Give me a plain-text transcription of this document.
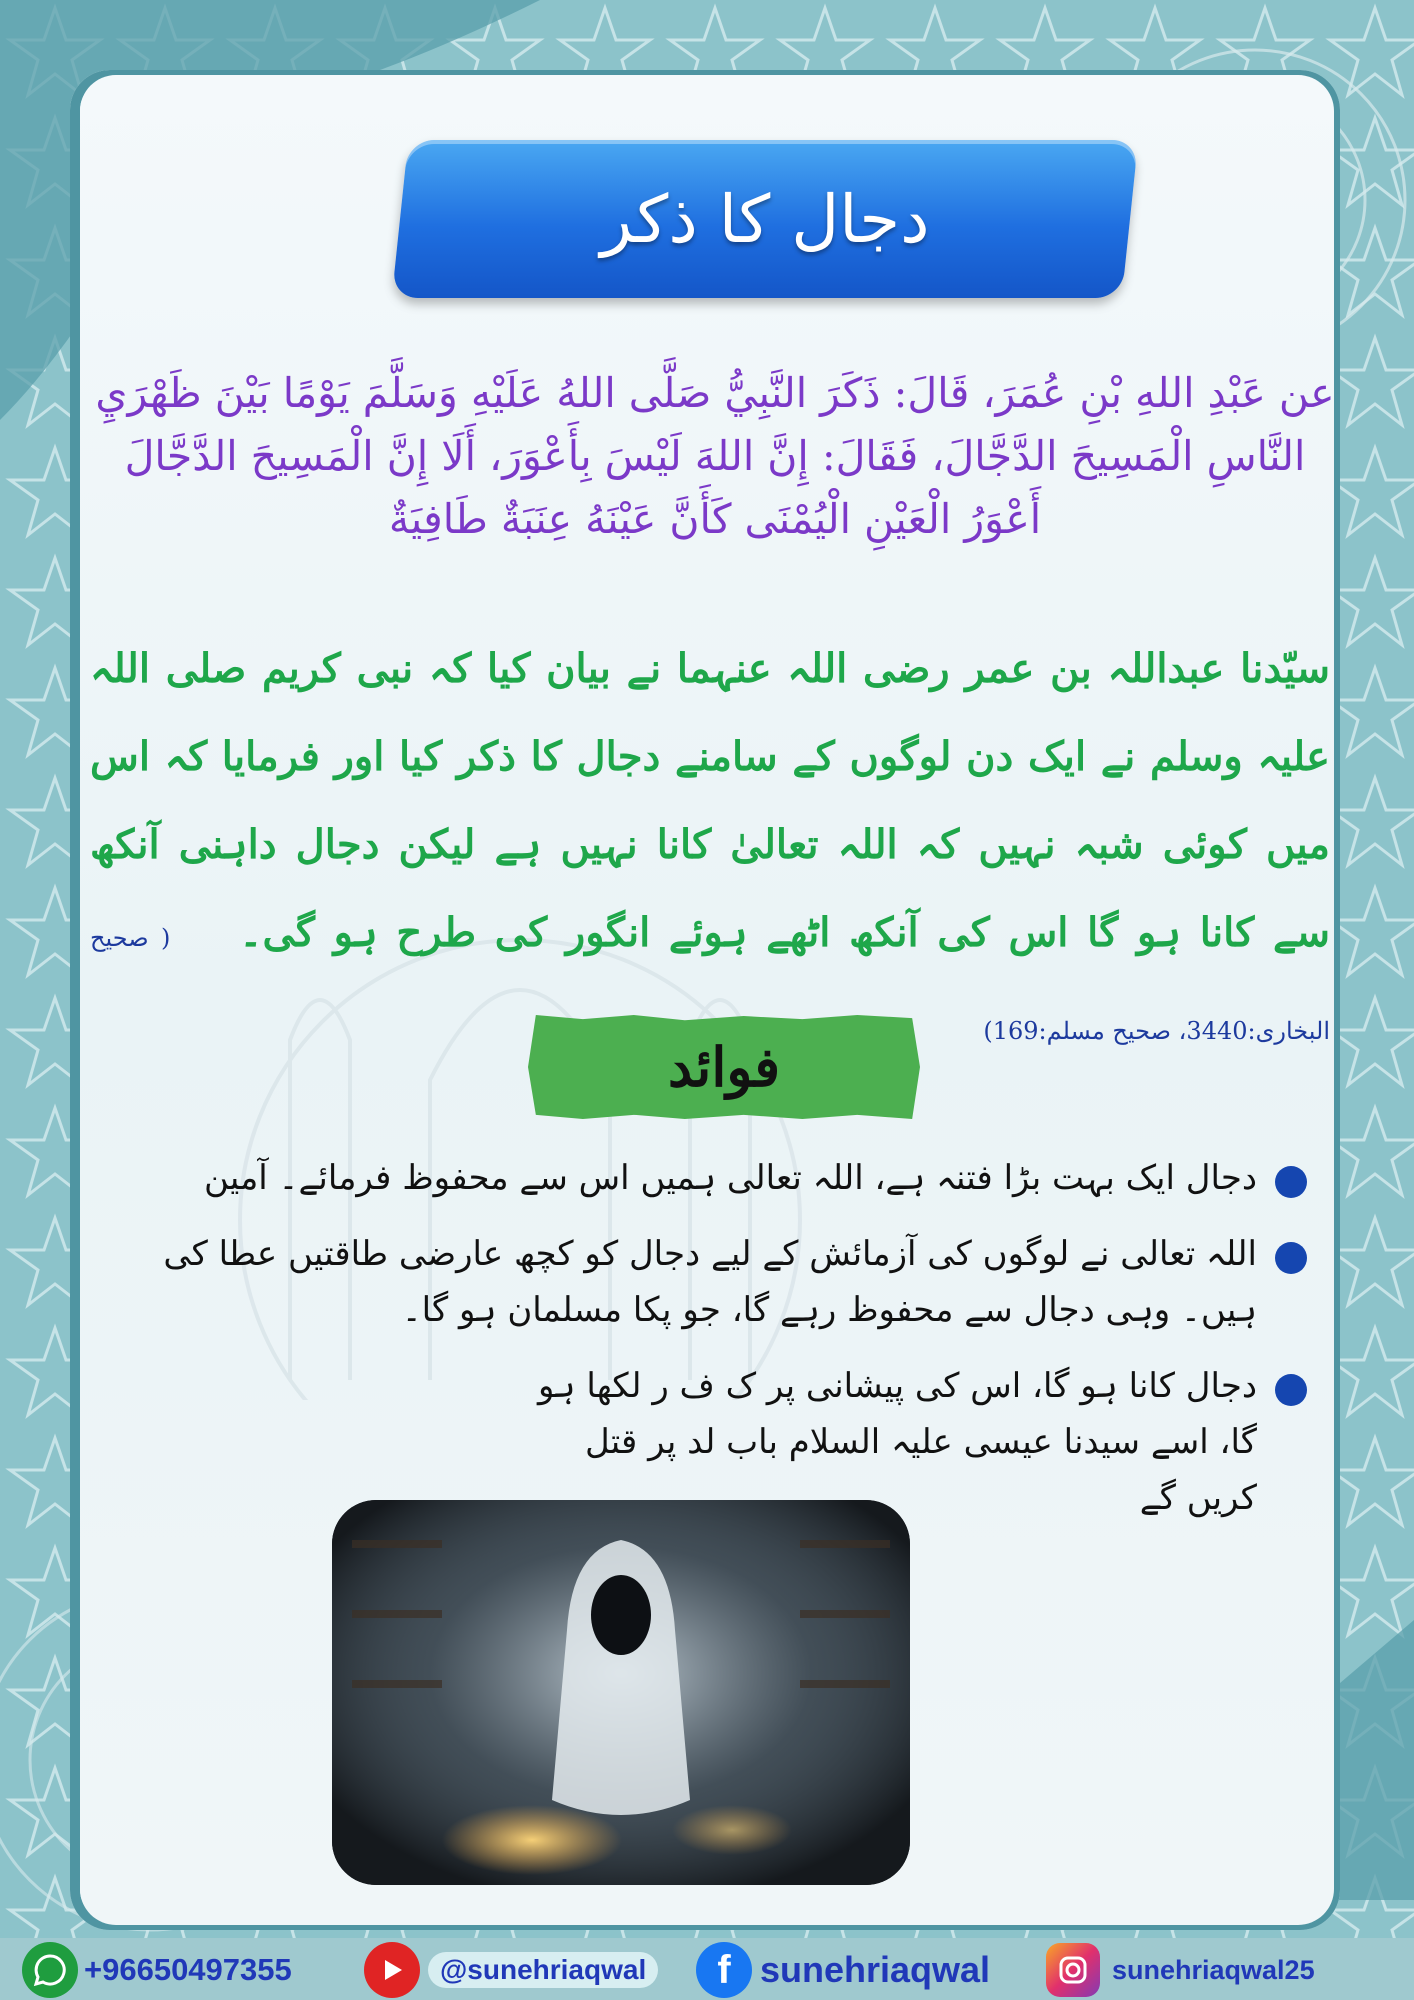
دجال کا ذکر
عن عَبْدِ اللهِ بْنِ عُمَرَ، قَالَ: ذَكَرَ النَّبِيُّ صَلَّى اللهُ عَلَيْهِ وَسَلَّمَ يَوْمًا بَيْنَ ظَهْرَيِ النَّاسِ الْمَسِيحَ الدَّجَّالَ، فَقَالَ: إِنَّ اللهَ لَيْسَ بِأَعْوَرَ، أَلَا إِنَّ الْمَسِيحَ الدَّجَّالَ أَعْوَرُ الْعَيْنِ الْيُمْنَى كَأَنَّ عَيْنَهُ عِنَبَةٌ طَافِيَةٌ
سیّدنا عبداللہ بن عمر رضی اللہ عنہما نے بیان کیا کہ نبی کریم صلی اللہ علیہ وسلم نے ایک دن لوگوں کے سامنے دجال کا ذکر کیا اور فرمایا کہ اس میں کوئی شبہ نہیں کہ اللہ تعالیٰ کانا نہیں ہے لیکن دجال داہنی آنکھ سے کانا ہو گا اس کی آنکھ اٹھے ہوئے انگور کی طرح ہو گی۔ ( صحیح البخاری:3440، صحیح مسلم:169)
فوائد
دجال ایک بہت بڑا فتنہ ہے، اللہ تعالی ہمیں اس سے محفوظ فرمائے۔ آمین
اللہ تعالی نے لوگوں کی آزمائش کے لیے دجال کو کچھ عارضی طاقتیں عطا کی ہیں۔ وہی دجال سے محفوظ رہے گا، جو پکا مسلمان ہو گا۔
دجال کانا ہو گا، اس کی پیشانی پر ک ف ر لکھا ہو گا، اسے سیدنا عیسی علیہ السلام باب لد پر قتل کریں گے
+96650497355	@sunehriaqwal	f sunehriaqwal	sunehriaqwal25
